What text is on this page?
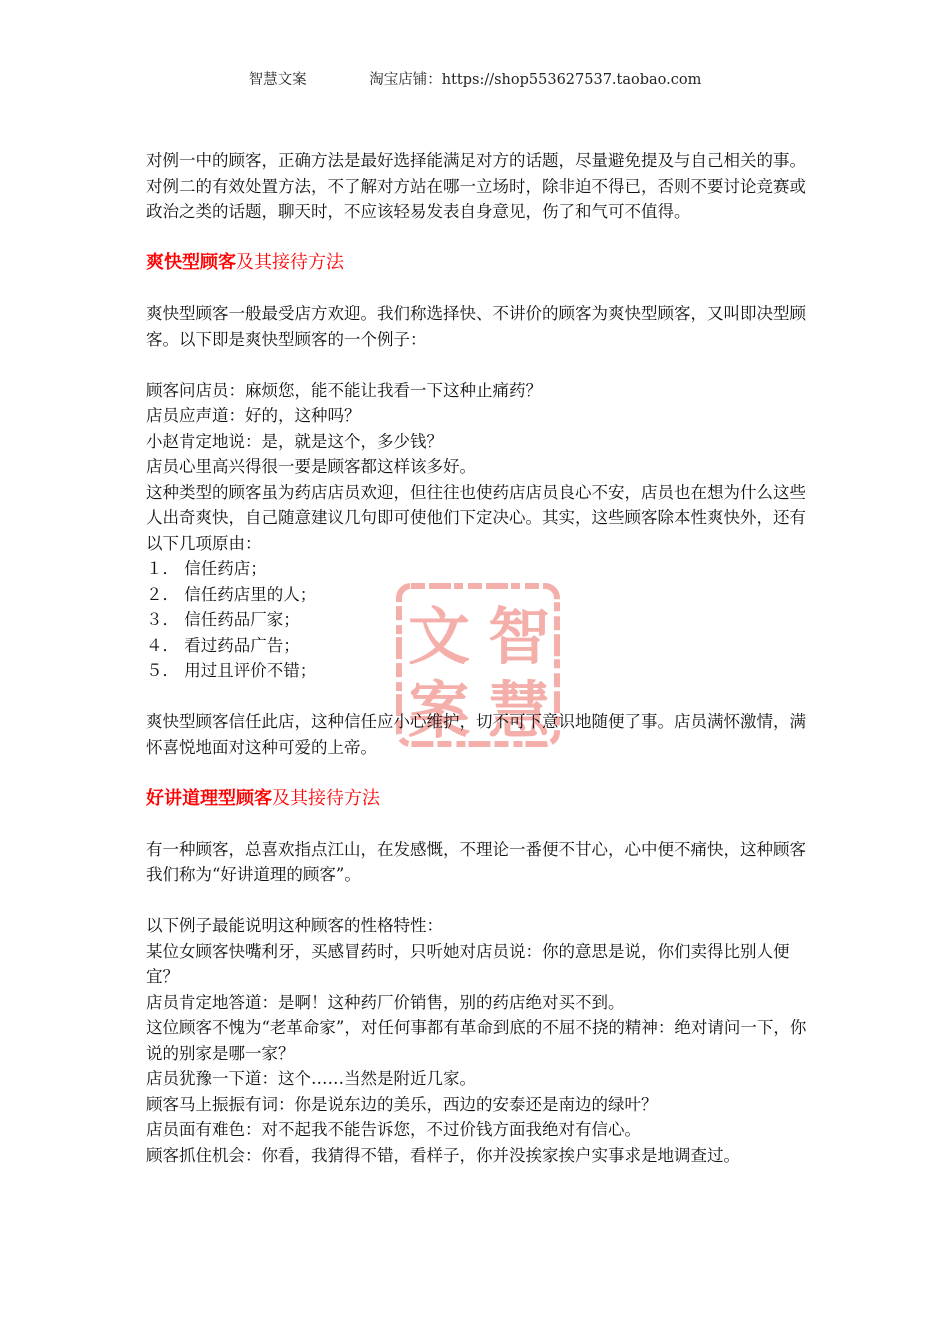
智慧文案	淘宝店铺：https://shop553627537.taobao.com
智
文
慧
案

对例一中的顾客，正确方法是最好选择能满足对方的话题，尽量避免提及与自己相关的事。对例二的有效处置方法，不了解对方站在哪一立场时，除非迫不得已，否则不要讨论竞赛或政治之类的话题，聊天时，不应该轻易发表自身意见，伤了和气可不值得。

爽快型顾客及其接待方法

爽快型顾客一般最受店方欢迎。我们称选择快、不讲价的顾客为爽快型顾客，又叫即决型顾客。以下即是爽快型顾客的一个例子：

顾客问店员：麻烦您，能不能让我看一下这种止痛药？

店员应声道：好的，这种吗？

小赵肯定地说：是，就是这个，多少钱？

店员心里高兴得很一要是顾客都这样该多好。

这种类型的顾客虽为药店店员欢迎，但往往也使药店店员良心不安，店员也在想为什么这些人出奇爽快，自己随意建议几句即可使他们下定决心。其实，这些顾客除本性爽快外，还有以下几项原由：

１． 信任药店；

２． 信任药店里的人；

３． 信任药品厂家；

４． 看过药品广告；

５． 用过且评价不错；

爽快型顾客信任此店，这种信任应小心维护，切不可下意识地随便了事。店员满怀激情，满怀喜悦地面对这种可爱的上帝。

好讲道理型顾客及其接待方法

有一种顾客，总喜欢指点江山，在发感慨，不理论一番便不甘心，心中便不痛快，这种顾客我们称为“好讲道理的顾客”。

以下例子最能说明这种顾客的性格特性：

某位女顾客快嘴利牙，买感冒药时，只听她对店员说：你的意思是说，你们卖得比别人便宜？

店员肯定地答道：是啊！这种药厂价销售，别的药店绝对买不到。

这位顾客不愧为“老革命家”，对任何事都有革命到底的不屈不挠的精神：绝对请问一下，你说的别家是哪一家？

店员犹豫一下道：这个……当然是附近几家。

顾客马上振振有词：你是说东边的美乐，西边的安泰还是南边的绿叶？

店员面有难色：对不起我不能告诉您，不过价钱方面我绝对有信心。

顾客抓住机会：你看，我猜得不错，看样子，你并没挨家挨户实事求是地调查过。
